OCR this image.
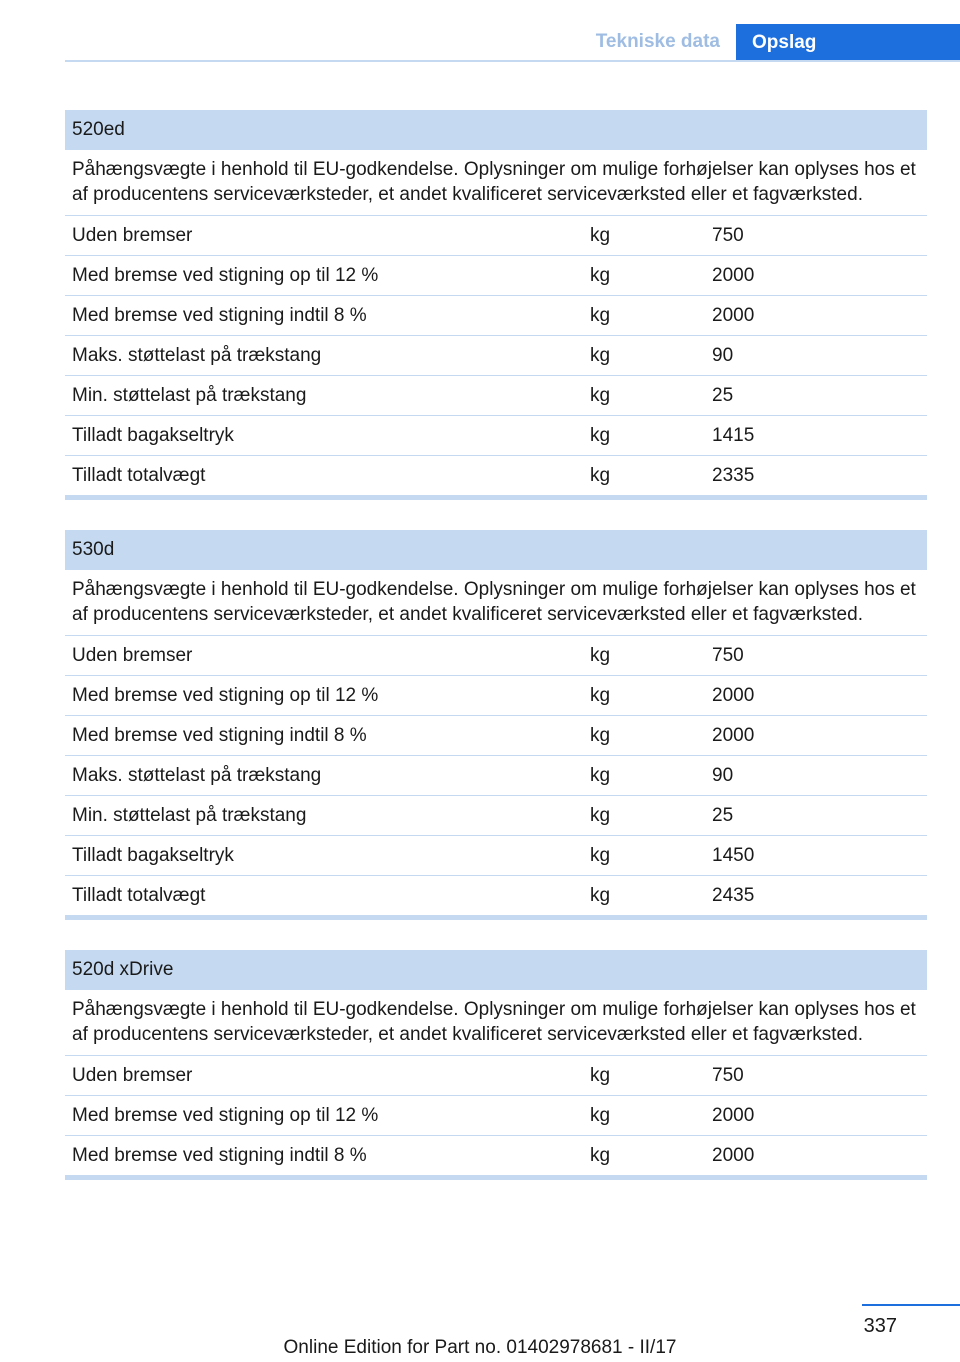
Tekniske data	Opslag
520ed
Påhængsvægte i henhold til EU-godkendelse. Oplysninger om mulige forhøjelser kan oplyses hos et af producentens serviceværksteder, et andet kvalificeret serviceværksted eller et fagværksted.
Uden bremser	kg	750
Med bremse ved stigning op til 12 %	kg	2000
Med bremse ved stigning indtil 8 %	kg	2000
Maks. støttelast på trækstang	kg	90
Min. støttelast på trækstang	kg	25
Tilladt bagakseltryk	kg	1415
Tilladt totalvægt	kg	2335
530d
Påhængsvægte i henhold til EU-godkendelse. Oplysninger om mulige forhøjelser kan oplyses hos et af producentens serviceværksteder, et andet kvalificeret serviceværksted eller et fagværksted.
Uden bremser	kg	750
Med bremse ved stigning op til 12 %	kg	2000
Med bremse ved stigning indtil 8 %	kg	2000
Maks. støttelast på trækstang	kg	90
Min. støttelast på trækstang	kg	25
Tilladt bagakseltryk	kg	1450
Tilladt totalvægt	kg	2435
520d xDrive
Påhængsvægte i henhold til EU-godkendelse. Oplysninger om mulige forhøjelser kan oplyses hos et af producentens serviceværksteder, et andet kvalificeret serviceværksted eller et fagværksted.
Uden bremser	kg	750
Med bremse ved stigning op til 12 %	kg	2000
Med bremse ved stigning indtil 8 %	kg	2000
337
Online Edition for Part no. 01402978681 - II/17
